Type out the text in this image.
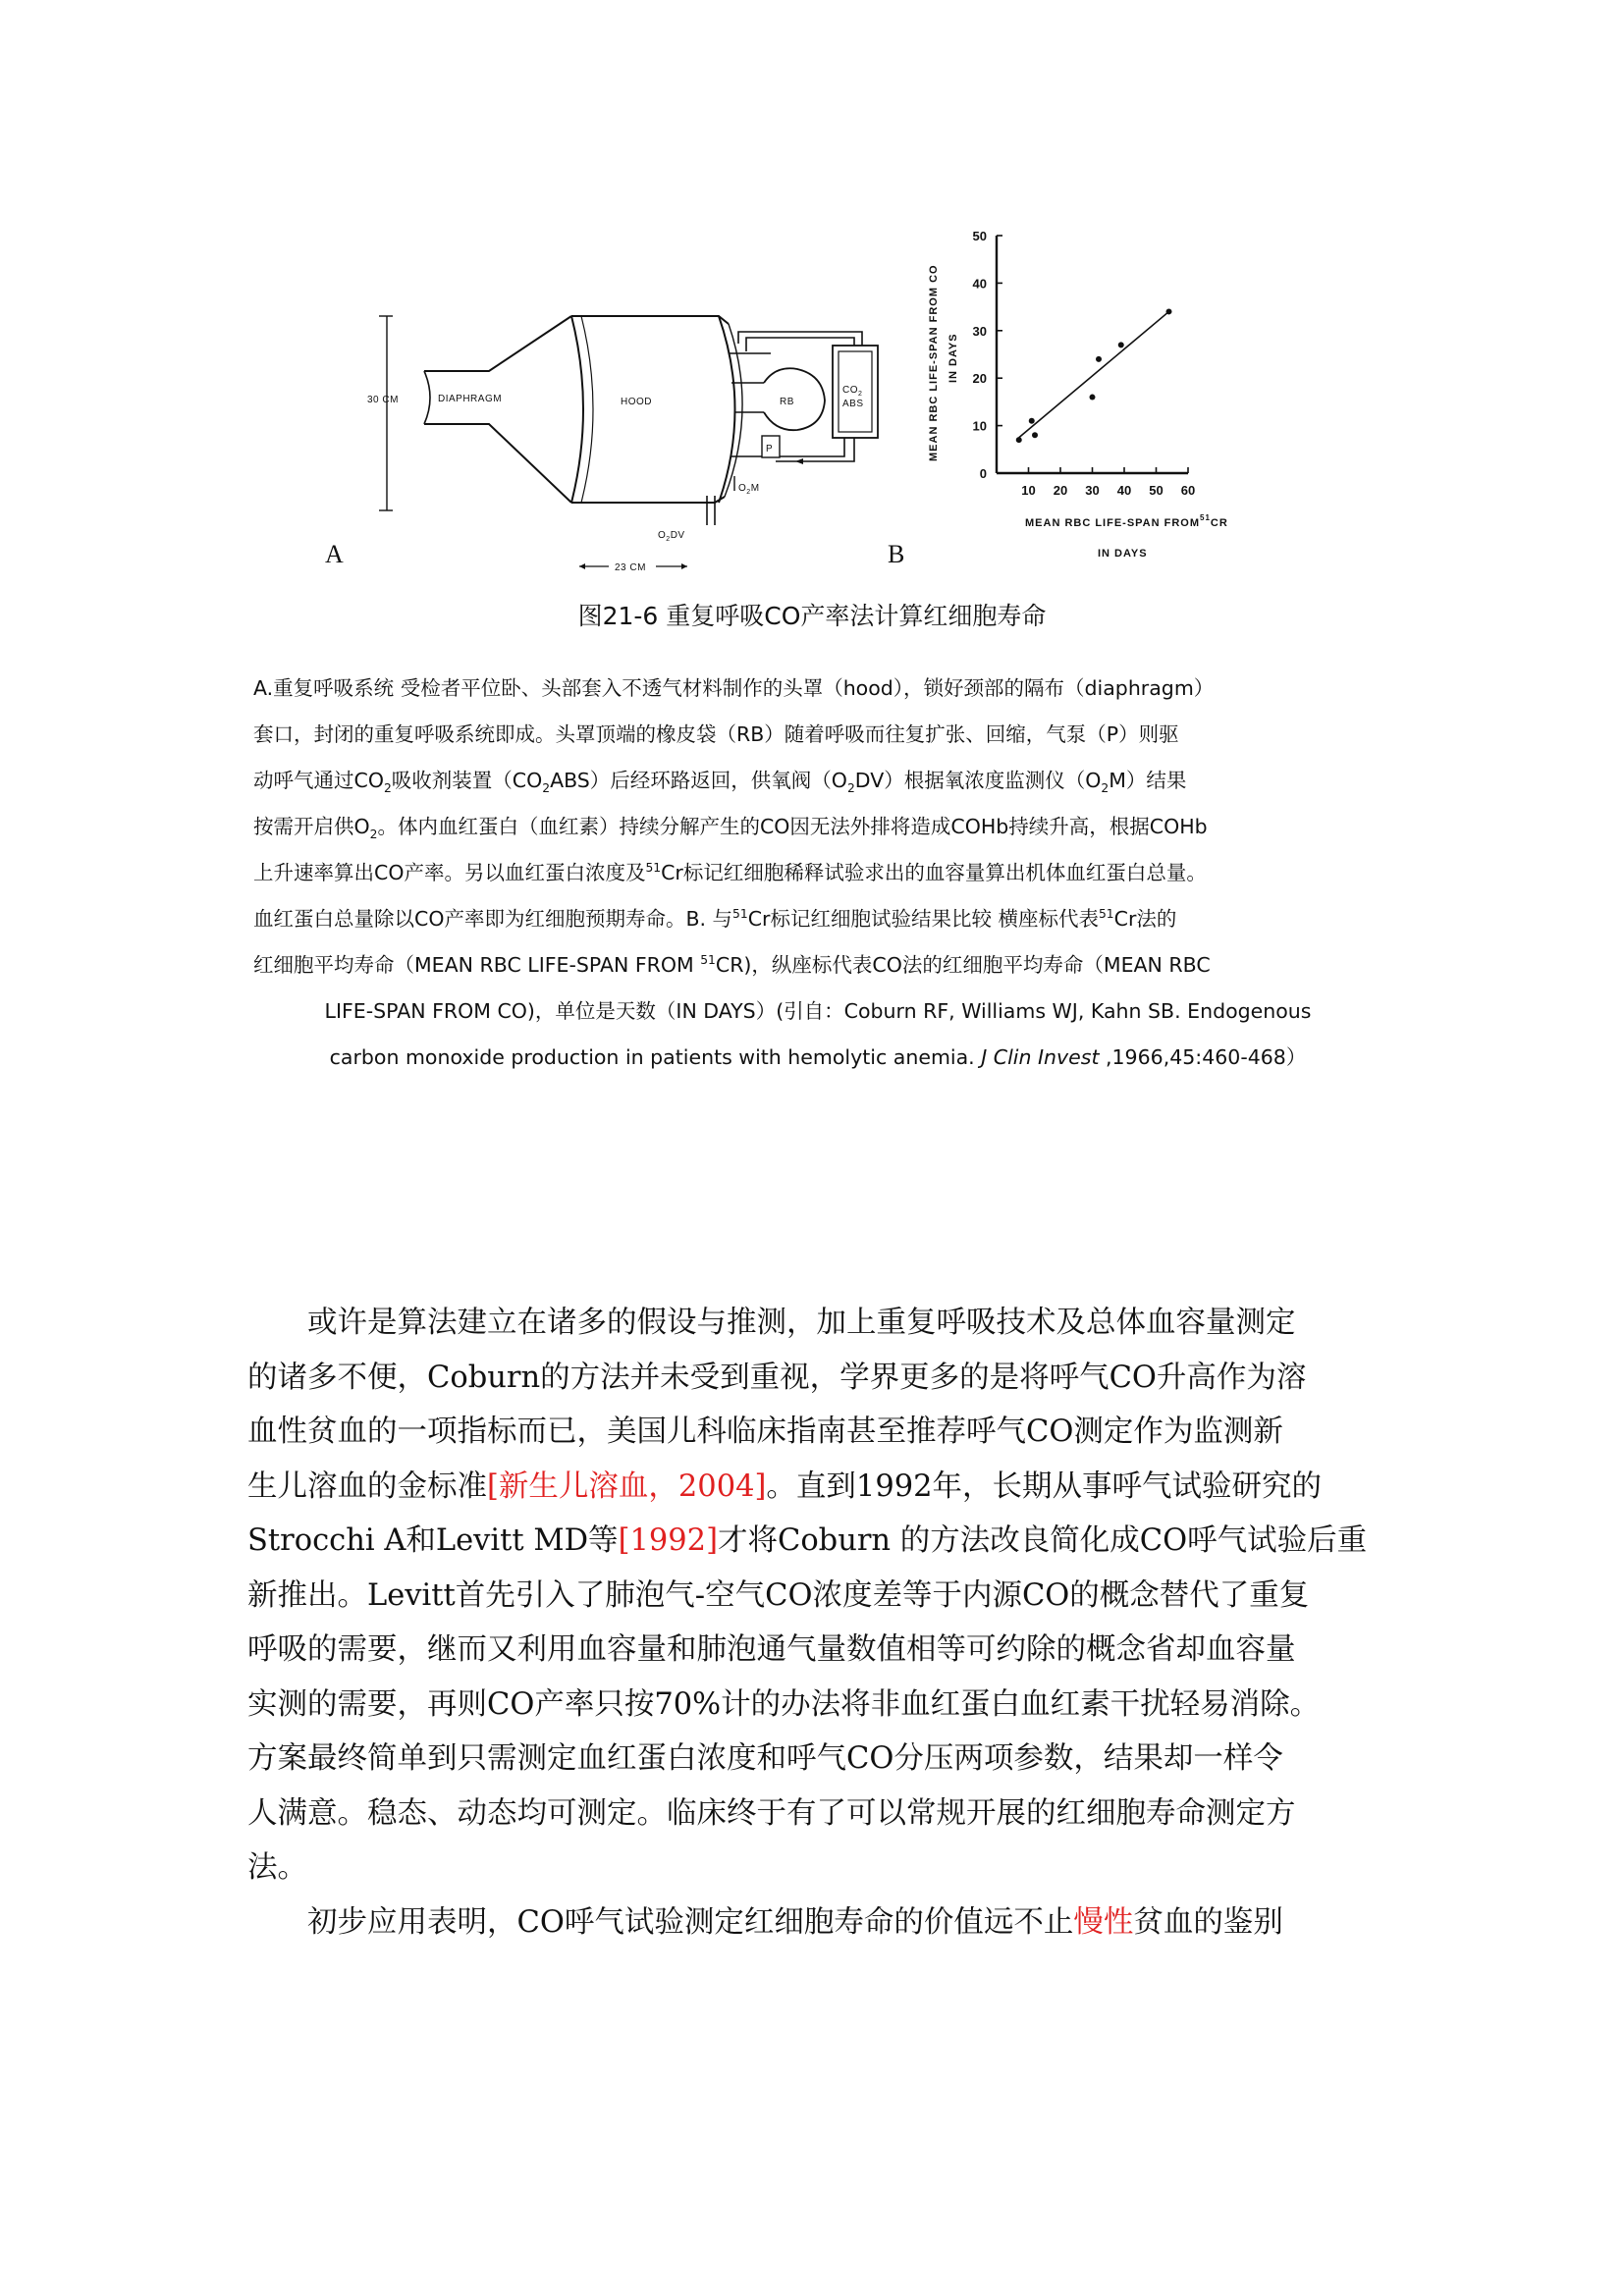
30 CM	DIAPHRAGM	HOOD	RB
$CO_2$
ABS
P
$O_2M$
$O_2DV$
23 CM
A
0
10
20
30
40
50
10 20 30 40 50 60
MEAN RBC LIFE-SPAN FROM$^{51}$CR
IN DAYS
MEAN RBC LIFE-SPAN FROM CO IN DAYS
B
图21-6 重复呼吸CO产率法计算红细胞寿命
A.重复呼吸系统 受检者平位卧、头部套入不透气材料制作的头罩（hood），锁好颈部的隔布（diaphragm）
套口，封闭的重复呼吸系统即成。头罩顶端的橡皮袋（RB）随着呼吸而往复扩张、回缩，气泵（P）则驱
动呼气通过$CO_2$吸收剂装置$(CO_2ABS)$后经环路返回，供氧阀$(O_2DV)$根据氧浓度监测仪$(O_2M)$结果
按需开启供$O_2$。体内血红蛋白（血红素）持续分解产生的CO因无法外排将造成COHb持续升高，根据COHb
上升速率算出CO产率。另以血红蛋白浓度及$^{51}$Cr标记红细胞稀释试验求出的血容量算出机体血红蛋白总量。
血红蛋白总量除以CO产率即为红细胞预期寿命。B. 与$^{51}$Cr标记红细胞试验结果比较 横座标代表$^{51}$Cr法的
红细胞平均寿命（MEAN RBC LIFE-SPAN FROM $^{51}$CR)，纵座标代表CO法的红细胞平均寿命（MEAN RBC
LIFE-SPAN FROM CO)，单位是天数（IN DAYS）(引自：Coburn RF, Williams WJ, Kahn SB. Endogenous
carbon monoxide production in patients with hemolytic anemia. J Clin Invest ,1966,45:460-468）

或许是算法建立在诸多的假设与推测，加上重复呼吸技术及总体血容量测定
的诸多不便，Coburn的方法并未受到重视，学界更多的是将呼气CO升高作为溶
血性贫血的一项指标而已，美国儿科临床指南甚至推荐呼气CO测定作为监测新
生儿溶血的金标准[新生儿溶血，2004]。直到1992年，长期从事呼气试验研究的
Strocchi A和Levitt MD等[1992]才将Coburn 的方法改良简化成CO呼气试验后重
新推出。Levitt首先引入了肺泡气-空气CO浓度差等于内源CO的概念替代了重复
呼吸的需要，继而又利用血容量和肺泡通气量数值相等可约除的概念省却血容量
实测的需要，再则CO产率只按70%计的办法将非血红蛋白血红素干扰轻易消除。
方案最终简单到只需测定血红蛋白浓度和呼气CO分压两项参数，结果却一样令
人满意。稳态、动态均可测定。临床终于有了可以常规开展的红细胞寿命测定方
法。

初步应用表明，CO呼气试验测定红细胞寿命的价值远不止慢性贫血的鉴别
